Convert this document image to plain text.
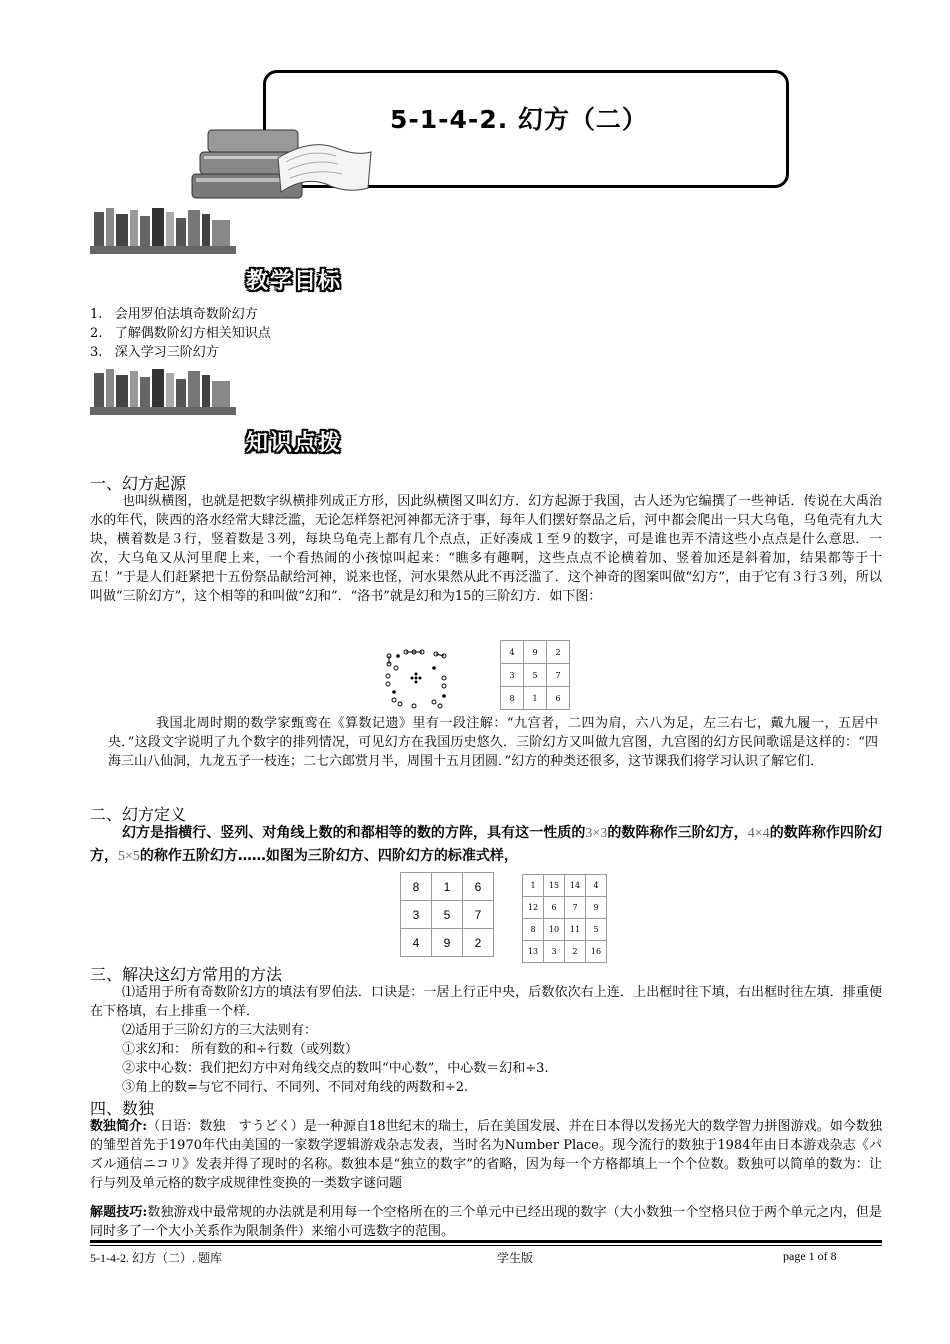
5-1-4-2. 幻方（二）
教学目标
1.   会用罗伯法填奇数阶幻方
2.   了解偶数阶幻方相关知识点
3.   深入学习三阶幻方
知识点拨
一、幻方起源
也叫纵横图，也就是把数字纵横排列成正方形，因此纵横图又叫幻方．幻方起源于我国，古人还为它编撰了一些神话．传说在大禹治水的年代，陕西的洛水经常大肆泛滥，无论怎样祭祀河神都无济于事，每年人们摆好祭品之后，河中都会爬出一只大乌龟，乌龟壳有九大块，横着数是３行，竖着数是３列，每块乌龟壳上都有几个点点，正好凑成１至９的数字，可是谁也弄不清这些小点点是什么意思．一次，大乌龟又从河里爬上来，一个看热闹的小孩惊叫起来：“瞧多有趣啊，这些点点不论横着加、竖着加还是斜着加，结果都等于十五！”于是人们赶紧把十五份祭品献给河神，说来也怪，河水果然从此不再泛滥了．这个神奇的图案叫做“幻方”，由于它有３行３列，所以叫做“三阶幻方”，这个相等的和叫做“幻和”．“洛书”就是幻和为15的三阶幻方．如下图：
4	9	2
3	5	7
8	1	6
我国北周时期的数学家甄鸾在《算数记遗》里有一段注解：“九宫者，二四为肩，六八为足，左三右七，戴九履一，五居中央．”这段文字说明了九个数字的排列情况，可见幻方在我国历史悠久．三阶幻方又叫做九宫图，九宫图的幻方民间歌谣是这样的：“四海三山八仙洞，九龙五子一枝连；二七六郎赏月半，周围十五月团圆．”幻方的种类还很多，这节课我们将学习认识了解它们．
二、幻方定义
幻方是指横行、竖列、对角线上数的和都相等的数的方阵，具有这一性质的3×3的数阵称作三阶幻方，4×4的数阵称作四阶幻方，5×5的称作五阶幻方……如图为三阶幻方、四阶幻方的标准式样，
8	1	6
3	5	7
4	9	2
1	15	14	4
12	6	7	9
8	10	11	5
13	3	2	16
三、解决这幻方常用的方法
⑴适用于所有奇数阶幻方的填法有罗伯法．口诀是：一居上行正中央，后数依次右上连．上出框时往下填，右出框时往左填．排重便在下格填，右上排重一个样．
⑵适用于三阶幻方的三大法则有：
①求幻和： 所有数的和÷行数（或列数）
②求中心数：我们把幻方中对角线交点的数叫“中心数”，中心数＝幻和÷3.
③角上的数=与它不同行、不同列、不同对角线的两数和÷2.
四、数独
数独简介:（日语：数独　すうどく）是一种源自18世纪末的瑞士，后在美国发展、并在日本得以发扬光大的数学智力拼图游戏。如今数独的雏型首先于1970年代由美国的一家数学逻辑游戏杂志发表，当时名为Number Place。现今流行的数独于1984年由日本游戏杂志《パズル通信ニコリ》发表并得了现时的名称。数独本是“独立的数字”的省略，因为每一个方格都填上一个个位数。数独可以简单的数为：让行与列及单元格的数字成规律性变换的一类数字谜问题
解题技巧:数独游戏中最常规的办法就是利用每一个空格所在的三个单元中已经出现的数字（大小数独一个空格只位于两个单元之内，但是同时多了一个大小关系作为限制条件）来缩小可选数字的范围。
5-1-4-2. 幻方（二）. 题库	学生版	page 1 of 8
